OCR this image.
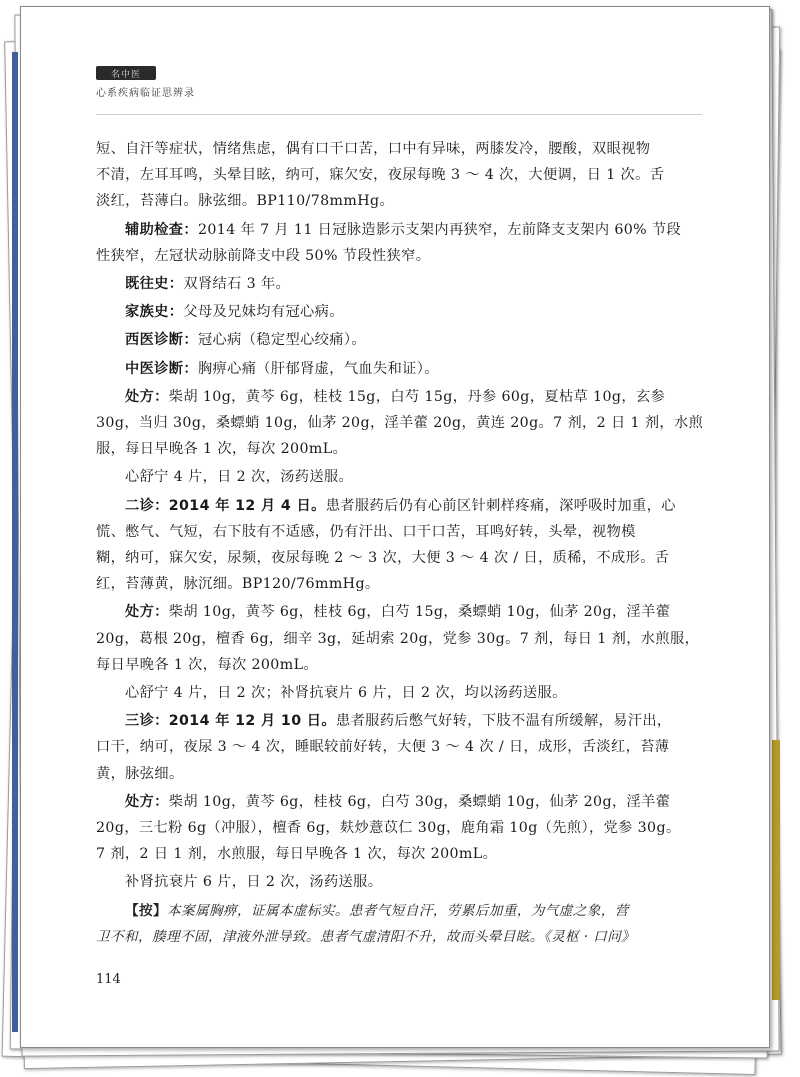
名中医
心系疾病临证思辨录

短、自汗等症状，情绪焦虑，偶有口干口苦，口中有异味，两膝发冷，腰酸，双眼视物
不清，左耳耳鸣，头晕目眩，纳可，寐欠安，夜尿每晚 3 ～ 4 次，大便调，日 1 次。舌
淡红，苔薄白。脉弦细。BP110/78mmHg。

辅助检查：2014 年 7 月 11 日冠脉造影示支架内再狭窄，左前降支支架内 60% 节段
性狭窄，左冠状动脉前降支中段 50% 节段性狭窄。

既往史：双肾结石 3 年。

家族史：父母及兄妹均有冠心病。

西医诊断：冠心病（稳定型心绞痛）。

中医诊断：胸痹心痛（肝郁肾虚，气血失和证）。

处方：柴胡 10g，黄芩 6g，桂枝 15g，白芍 15g，丹参 60g，夏枯草 10g，玄参
30g，当归 30g，桑螵蛸 10g，仙茅 20g，淫羊藿 20g，黄连 20g。7 剂，2 日 1 剂，水煎
服，每日早晚各 1 次，每次 200mL。

心舒宁 4 片，日 2 次，汤药送服。

二诊：2014 年 12 月 4 日。患者服药后仍有心前区针刺样疼痛，深呼吸时加重，心
慌、憋气、气短，右下肢有不适感，仍有汗出、口干口苦，耳鸣好转，头晕，视物模
糊，纳可，寐欠安，尿频，夜尿每晚 2 ～ 3 次，大便 3 ～ 4 次 / 日，质稀，不成形。舌
红，苔薄黄，脉沉细。BP120/76mmHg。

处方：柴胡 10g，黄芩 6g，桂枝 6g，白芍 15g，桑螵蛸 10g，仙茅 20g，淫羊藿
20g，葛根 20g，檀香 6g，细辛 3g，延胡索 20g，党参 30g。7 剂，每日 1 剂，水煎服，
每日早晚各 1 次，每次 200mL。

心舒宁 4 片，日 2 次；补肾抗衰片 6 片，日 2 次，均以汤药送服。

三诊：2014 年 12 月 10 日。患者服药后憋气好转，下肢不温有所缓解，易汗出，
口干，纳可，夜尿 3 ～ 4 次，睡眠较前好转，大便 3 ～ 4 次 / 日，成形，舌淡红，苔薄
黄，脉弦细。

处方：柴胡 10g，黄芩 6g，桂枝 6g，白芍 30g，桑螵蛸 10g，仙茅 20g，淫羊藿
20g，三七粉 6g（冲服），檀香 6g，麸炒薏苡仁 30g，鹿角霜 10g（先煎），党参 30g。
7 剂，2 日 1 剂，水煎服，每日早晚各 1 次，每次 200mL。

补肾抗衰片 6 片，日 2 次，汤药送服。

【按】本案属胸痹，证属本虚标实。患者气短自汗，劳累后加重，为气虚之象，营
卫不和，腠理不固，津液外泄导致。患者气虚清阳不升，故而头晕目眩。《灵枢 · 口问》

114
